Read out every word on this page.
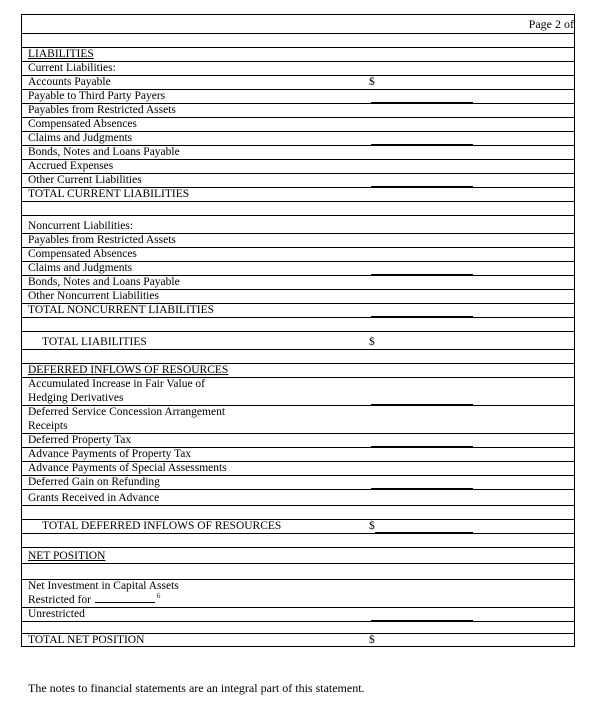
Page 2 of
LIABILITIES
Current Liabilities:
Accounts Payable	$
Payable to Third Party Payers
Payables from Restricted Assets
Compensated Absences
Claims and Judgments
Bonds, Notes and Loans Payable
Accrued Expenses
Other Current Liabilities
TOTAL CURRENT LIABILITIES
Noncurrent Liabilities:
Payables from Restricted Assets
Compensated Absences
Claims and Judgments
Bonds, Notes and Loans Payable
Other Noncurrent Liabilities
TOTAL NONCURRENT LIABILITIES
TOTAL LIABILITIES	$
DEFERRED INFLOWS OF RESOURCES
Accumulated Increase in Fair Value of
Hedging Derivatives
Deferred Service Concession Arrangement
Receipts
Deferred Property Tax
Advance Payments of Property Tax
Advance Payments of Special Assessments
Deferred Gain on Refunding
Grants Received in Advance
TOTAL DEFERRED INFLOWS OF RESOURCES	$
NET POSITION
Net Investment in Capital Assets
Restricted for	$^6$
Unrestricted
TOTAL NET POSITION	$
The notes to financial statements are an integral part of this statement.
